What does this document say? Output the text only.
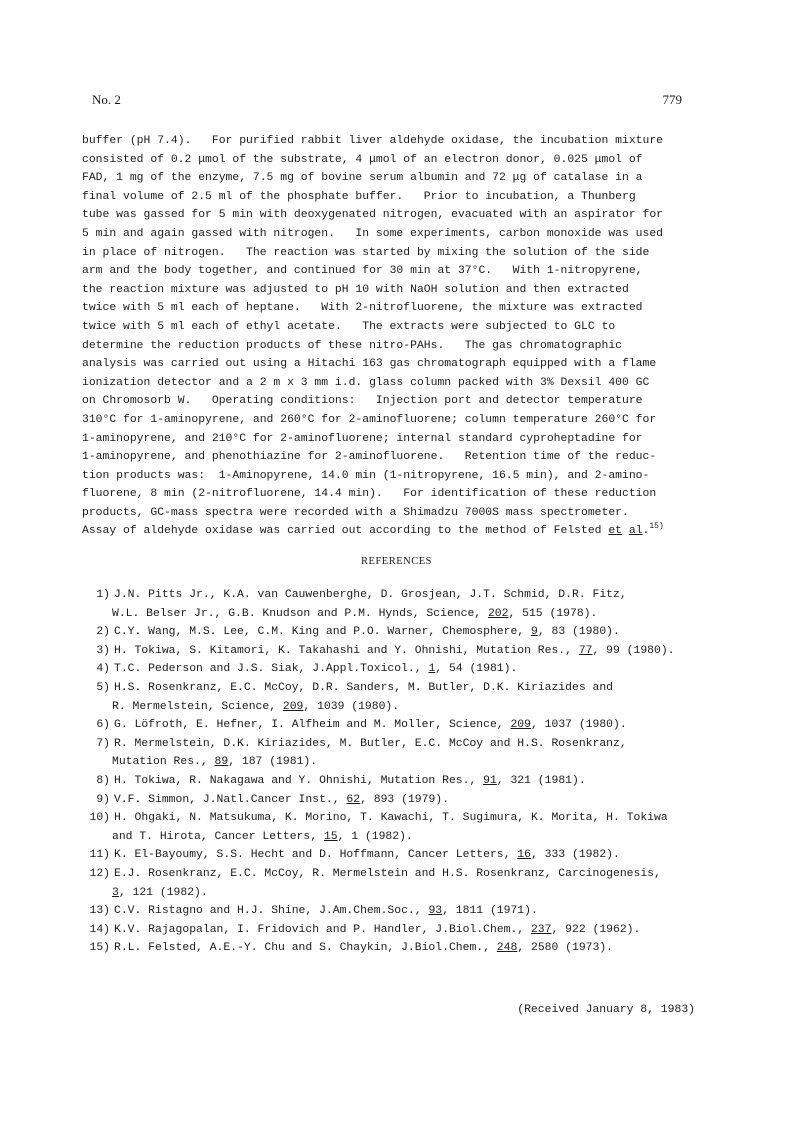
No. 2	779
buffer (pH 7.4).   For purified rabbit liver aldehyde oxidase, the incubation mixture
consisted of 0.2 μmol of the substrate, 4 μmol of an electron donor, 0.025 μmol of
FAD, 1 mg of the enzyme, 7.5 mg of bovine serum albumin and 72 μg of catalase in a
final volume of 2.5 ml of the phosphate buffer.   Prior to incubation, a Thunberg
tube was gassed for 5 min with deoxygenated nitrogen, evacuated with an aspirator for
5 min and again gassed with nitrogen.   In some experiments, carbon monoxide was used
in place of nitrogen.   The reaction was started by mixing the solution of the side
arm and the body together, and continued for 30 min at 37°C.   With 1-nitropyrene,
the reaction mixture was adjusted to pH 10 with NaOH solution and then extracted
twice with 5 ml each of heptane.   With 2-nitrofluorene, the mixture was extracted
twice with 5 ml each of ethyl acetate.   The extracts were subjected to GLC to
determine the reduction products of these nitro-PAHs.   The gas chromatographic
analysis was carried out using a Hitachi 163 gas chromatograph equipped with a flame
ionization detector and a 2 m x 3 mm i.d. glass column packed with 3% Dexsil 400 GC
on Chromosorb W.   Operating conditions:   Injection port and detector temperature
310°C for 1-aminopyrene, and 260°C for 2-aminofluorene; column temperature 260°C for
1-aminopyrene, and 210°C for 2-aminofluorene; internal standard cyproheptadine for
1-aminopyrene, and phenothiazine for 2-aminofluorene.   Retention time of the reduc-
tion products was:  1-Aminopyrene, 14.0 min (1-nitropyrene, 16.5 min), and 2-amino-
fluorene, 8 min (2-nitrofluorene, 14.4 min).   For identification of these reduction
products, GC-mass spectra were recorded with a Shimadzu 7000S mass spectrometer.
Assay of aldehyde oxidase was carried out according to the method of Felsted et al.$^{15)}$
REFERENCES
1) J.N. Pitts Jr., K.A. van Cauwenberghe, D. Grosjean, J.T. Schmid, D.R. Fitz,
W.L. Belser Jr., G.B. Knudson and P.M. Hynds, Science, 202, 515 (1978).
2) C.Y. Wang, M.S. Lee, C.M. King and P.O. Warner, Chemosphere, 9, 83 (1980).
3) H. Tokiwa, S. Kitamori, K. Takahashi and Y. Ohnishi, Mutation Res., 77, 99 (1980).
4) T.C. Pederson and J.S. Siak, J.Appl.Toxicol., 1, 54 (1981).
5) H.S. Rosenkranz, E.C. McCoy, D.R. Sanders, M. Butler, D.K. Kiriazides and
R. Mermelstein, Science, 209, 1039 (1980).
6) G. Löfroth, E. Hefner, I. Alfheim and M. Moller, Science, 209, 1037 (1980).
7) R. Mermelstein, D.K. Kiriazides, M. Butler, E.C. McCoy and H.S. Rosenkranz,
Mutation Res., 89, 187 (1981).
8) H. Tokiwa, R. Nakagawa and Y. Ohnishi, Mutation Res., 91, 321 (1981).
9) V.F. Simmon, J.Natl.Cancer Inst., 62, 893 (1979).
10) H. Ohgaki, N. Matsukuma, K. Morino, T. Kawachi, T. Sugimura, K. Morita, H. Tokiwa
and T. Hirota, Cancer Letters, 15, 1 (1982).
11) K. El-Bayoumy, S.S. Hecht and D. Hoffmann, Cancer Letters, 16, 333 (1982).
12) E.J. Rosenkranz, E.C. McCoy, R. Mermelstein and H.S. Rosenkranz, Carcinogenesis,
3, 121 (1982).
13) C.V. Ristagno and H.J. Shine, J.Am.Chem.Soc., 93, 1811 (1971).
14) K.V. Rajagopalan, I. Fridovich and P. Handler, J.Biol.Chem., 237, 922 (1962).
15) R.L. Felsted, A.E.-Y. Chu and S. Chaykin, J.Biol.Chem., 248, 2580 (1973).
(Received January 8, 1983)
